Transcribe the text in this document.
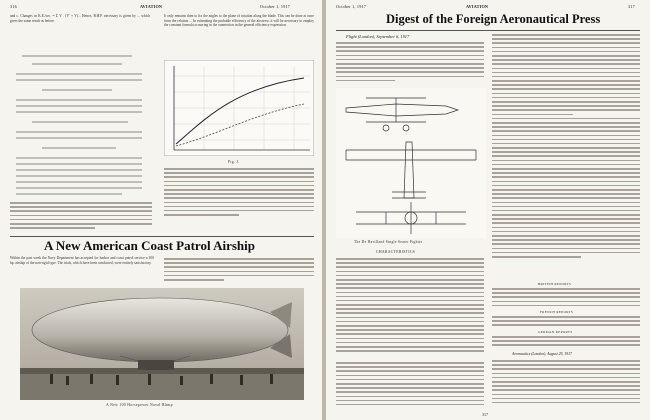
316	AVIATION	October 1, 1917
and c. Changes in K.E./sec. = Σ V . (V' + V)... Hence, B.H.P. necessary is given by ... which gives the same result as before.
It only remains then to fix the angles to the plane of rotation along the blade. This can be done at once from the relation ... In estimating the probable efficiency of the airscrew, it will be necessary to employ the constant formula occurring in the connection in the general efficiency expression.
Fig. 3
A New American Coast Patrol Airship
Within the past week the Navy Department has accepted for harbor and coast patrol service a 100 hp. airship of the non-rigid type. The trials, which have been conducted, were entirely satisfactory.
A New 100 Horsepower Naval Blimp
October 1, 1917	AVIATION	317
Digest of the Foreign Aeronautical Press
Flight (London), September 6, 1917
The De Havilland Single Seater Fighter
CHARACTERISTICS
BRITISH REPORTS
FRENCH REPORTS
GERMAN REPORTS
Aeronautics (London), August 29, 1917
317
